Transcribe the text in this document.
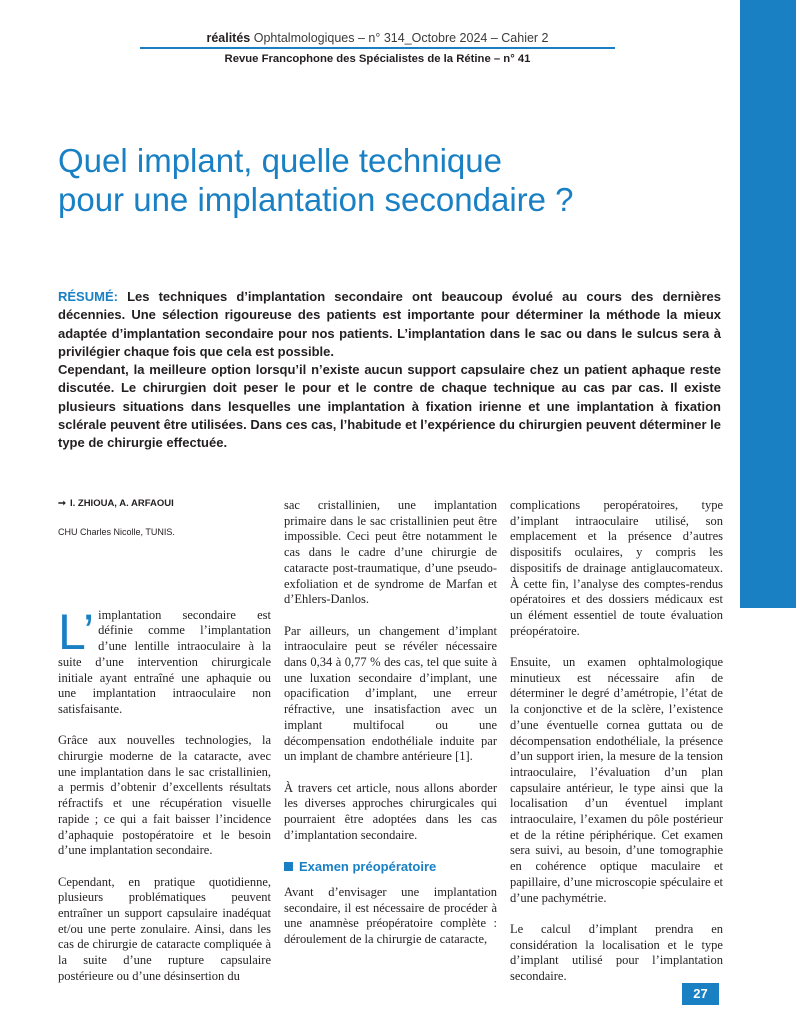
réalités Ophtalmologiques – n° 314_Octobre 2024 – Cahier 2
Revue Francophone des Spécialistes de la Rétine – n° 41
Quel implant, quelle technique
pour une implantation secondaire ?

RÉSUMÉ: Les techniques d’implantation secondaire ont beaucoup évolué au cours des dernières décennies. Une sélection rigoureuse des patients est importante pour déterminer la méthode la mieux adaptée d’implantation secondaire pour nos patients. L’implantation dans le sac ou dans le sulcus sera à privilégier chaque fois que cela est possible.

Cependant, la meilleure option lorsqu’il n’existe aucun support capsulaire chez un patient aphaque reste discutée. Le chirurgien doit peser le pour et le contre de chaque technique au cas par cas. Il existe plusieurs situations dans lesquelles une implantation à fixation irienne et une implantation à fixation sclérale peuvent être utilisées. Dans ces cas, l’habitude et l’expérience du chirurgien peuvent déterminer le type de chirurgie effectuée.

➞ I. ZHIOUA, A. ARFAOUI

CHU Charles Nicolle, TUNIS.

L’ implantation secondaire est définie comme l’implantation d’une lentille intraoculaire à la suite d’une intervention chirurgicale initiale ayant entraîné une aphaquie ou une implantation intraoculaire non satisfaisante.

Grâce aux nouvelles technologies, la chirurgie moderne de la cataracte, avec une implantation dans le sac cristallinien, a permis d’obtenir d’excellents résultats réfractifs et une récupération visuelle rapide ; ce qui a fait baisser l’incidence d’aphaquie postopératoire et le besoin d’une implantation secondaire.

Cependant, en pratique quotidienne, plusieurs problématiques peuvent entraîner un support capsulaire inadéquat et/ou une perte zonulaire. Ainsi, dans les cas de chirurgie de cataracte compliquée à la suite d’une rupture capsulaire postérieure ou d’une désinsertion du

sac cristallinien, une implantation primaire dans le sac cristallinien peut être impossible. Ceci peut être notamment le cas dans le cadre d’une chirurgie de cataracte post-traumatique, d’une pseudo-exfoliation et de syndrome de Marfan et d’Ehlers-Danlos.

Par ailleurs, un changement d’implant intraoculaire peut se révéler nécessaire dans 0,34 à 0,77 % des cas, tel que suite à une luxation secondaire d’implant, une opacification d’implant, une erreur réfractive, une insatisfaction avec un implant multifocal ou une décompensation endothéliale induite par un implant de chambre antérieure [1].

À travers cet article, nous allons aborder les diverses approches chirurgicales qui pourraient être adoptées dans les cas d’implantation secondaire.

Examen préopératoire

Avant d’envisager une implantation secondaire, il est nécessaire de procéder à une anamnèse préopératoire complète : déroulement de la chirurgie de cataracte,

complications peropératoires, type d’implant intraoculaire utilisé, son emplacement et la présence d’autres dispositifs oculaires, y compris les dispositifs de drainage antiglaucomateux. À cette fin, l’analyse des comptes-rendus opératoires et des dossiers médicaux est un élément essentiel de toute évaluation préopératoire.

Ensuite, un examen ophtalmologique minutieux est nécessaire afin de déterminer le degré d’amétropie, l’état de la conjonctive et de la sclère, l’existence d’une éventuelle cornea guttata ou de décompensation endothéliale, la présence d’un support irien, la mesure de la tension intraoculaire, l’évaluation d’un plan capsulaire antérieur, le type ainsi que la localisation d’un éventuel implant intraoculaire, l’examen du pôle postérieur et de la rétine périphérique. Cet examen sera suivi, au besoin, d’une tomographie en cohérence optique maculaire et papillaire, d’une microscopie spéculaire et d’une pachymétrie.

Le calcul d’implant prendra en considération la localisation et le type d’implant utilisé pour l’implantation secondaire.

27
